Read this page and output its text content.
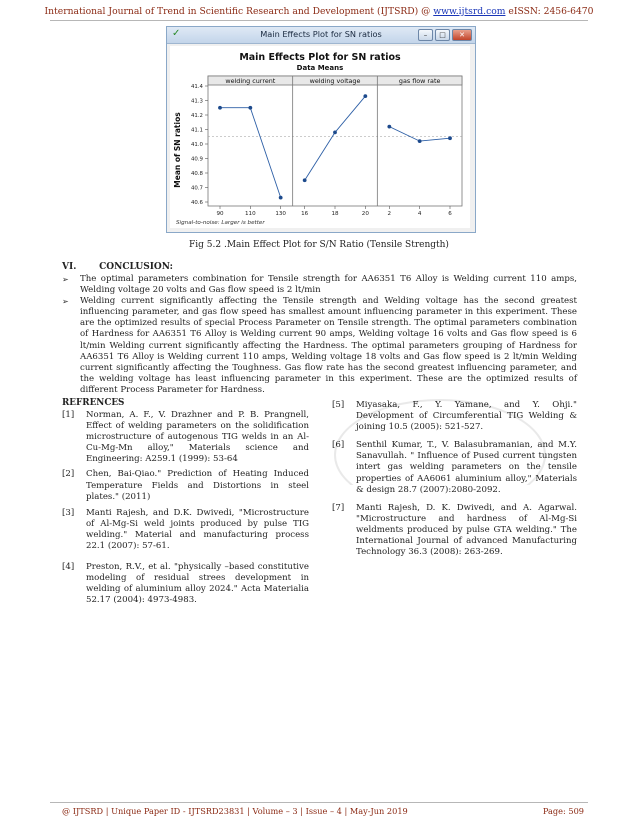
International Journal of Trend in Scientific Research and Development (IJTSRD) @ www.ijtsrd.com eISSN: 2456-6470
✓	Main Effects Plot for SN ratios	–	□	✕
Main Effects Plot for SN ratios
Data Means
Mean of SN ratios
Signal-to-noise: Larger is better
41.4
41.3
41.2
41.1
41.0
40.9
40.8
40.7
40.6
welding current
90	110	130
welding voltage
16	18	20
gas flow rate
2	4	6
Fig 5.2 .Main Effect Plot for S/N Ratio (Tensile Strength)
VI.	CONCLUSION:
➢ The optimal parameters combination for Tensile strength for AA6351 T6 Alloy is Welding current 110 amps, Welding voltage 20 volts and Gas flow speed is 2 lt/min
➢ Welding current significantly affecting the Tensile strength and Welding voltage has the second greatest influencing parameter, and gas flow speed has smallest amount influencing parameter in this experiment. These are the optimized results of special Process Parameter on Tensile strength. The optimal parameters combination of Hardness for AA6351 T6 Alloy is Welding current 90 amps, Welding voltage 16 volts and Gas flow speed is 6 lt/min Welding current significantly affecting the Hardness. The optimal parameters grouping of Hardness for AA6351 T6 Alloy is Welding current 110 amps, Welding voltage 18 volts and Gas flow speed is 2 lt/min Welding current significantly affecting the Toughness. Gas flow rate has the second greatest influencing parameter, and the welding voltage has least influencing parameter in this experiment. These are the optimized results of different Process Parameter for Hardness.
REFRENCES
[1] Norman, A. F., V. Drazhner and P. B. Prangnell, Effect of welding parameters on the solidification microstructure of autogenous TIG welds in an Al-Cu-Mg-Mn alloy," Materials science and Engineering: A259.1 (1999): 53-64
[2] Chen, Bai-Qiao." Prediction of Heating Induced Temperature Fields and Distortions in steel plates." (2011)
[3] Manti Rajesh, and D.K. Dwivedi, "Microstructure of Al-Mg-Si weld joints produced by pulse TIG welding." Material and manufacturing process 22.1 (2007): 57-61.
[4] Preston, R.V., et al. "physically –based constitutive modeling of residual strees development in welding of aluminium alloy 2024." Acta Materialia 52.17 (2004): 4973-4983.
[5] Miyasaka, F., Y. Yamane, and Y. Ohji." Development of Circumferential TIG Welding & joining 10.5 (2005): 521-527.
[6] Senthil Kumar, T., V. Balasubramanian, and M.Y. Sanavullah. " Influence of Pused current tungsten intert gas welding parameters on the tensile properties of AA6061 aluminium alloy," Materials & design 28.7 (2007):2080-2092.
[7] Manti Rajesh, D. K. Dwivedi, and A. Agarwal. "Microstructure and hardness of Al-Mg-Si weldments produced by pulse GTA welding." The International Journal of advanced Manufacturing Technology 36.3 (2008): 263-269.
@ IJTSRD | Unique Paper ID - IJTSRD23831 | Volume – 3 | Issue – 4 | May-Jun 2019	Page: 509
